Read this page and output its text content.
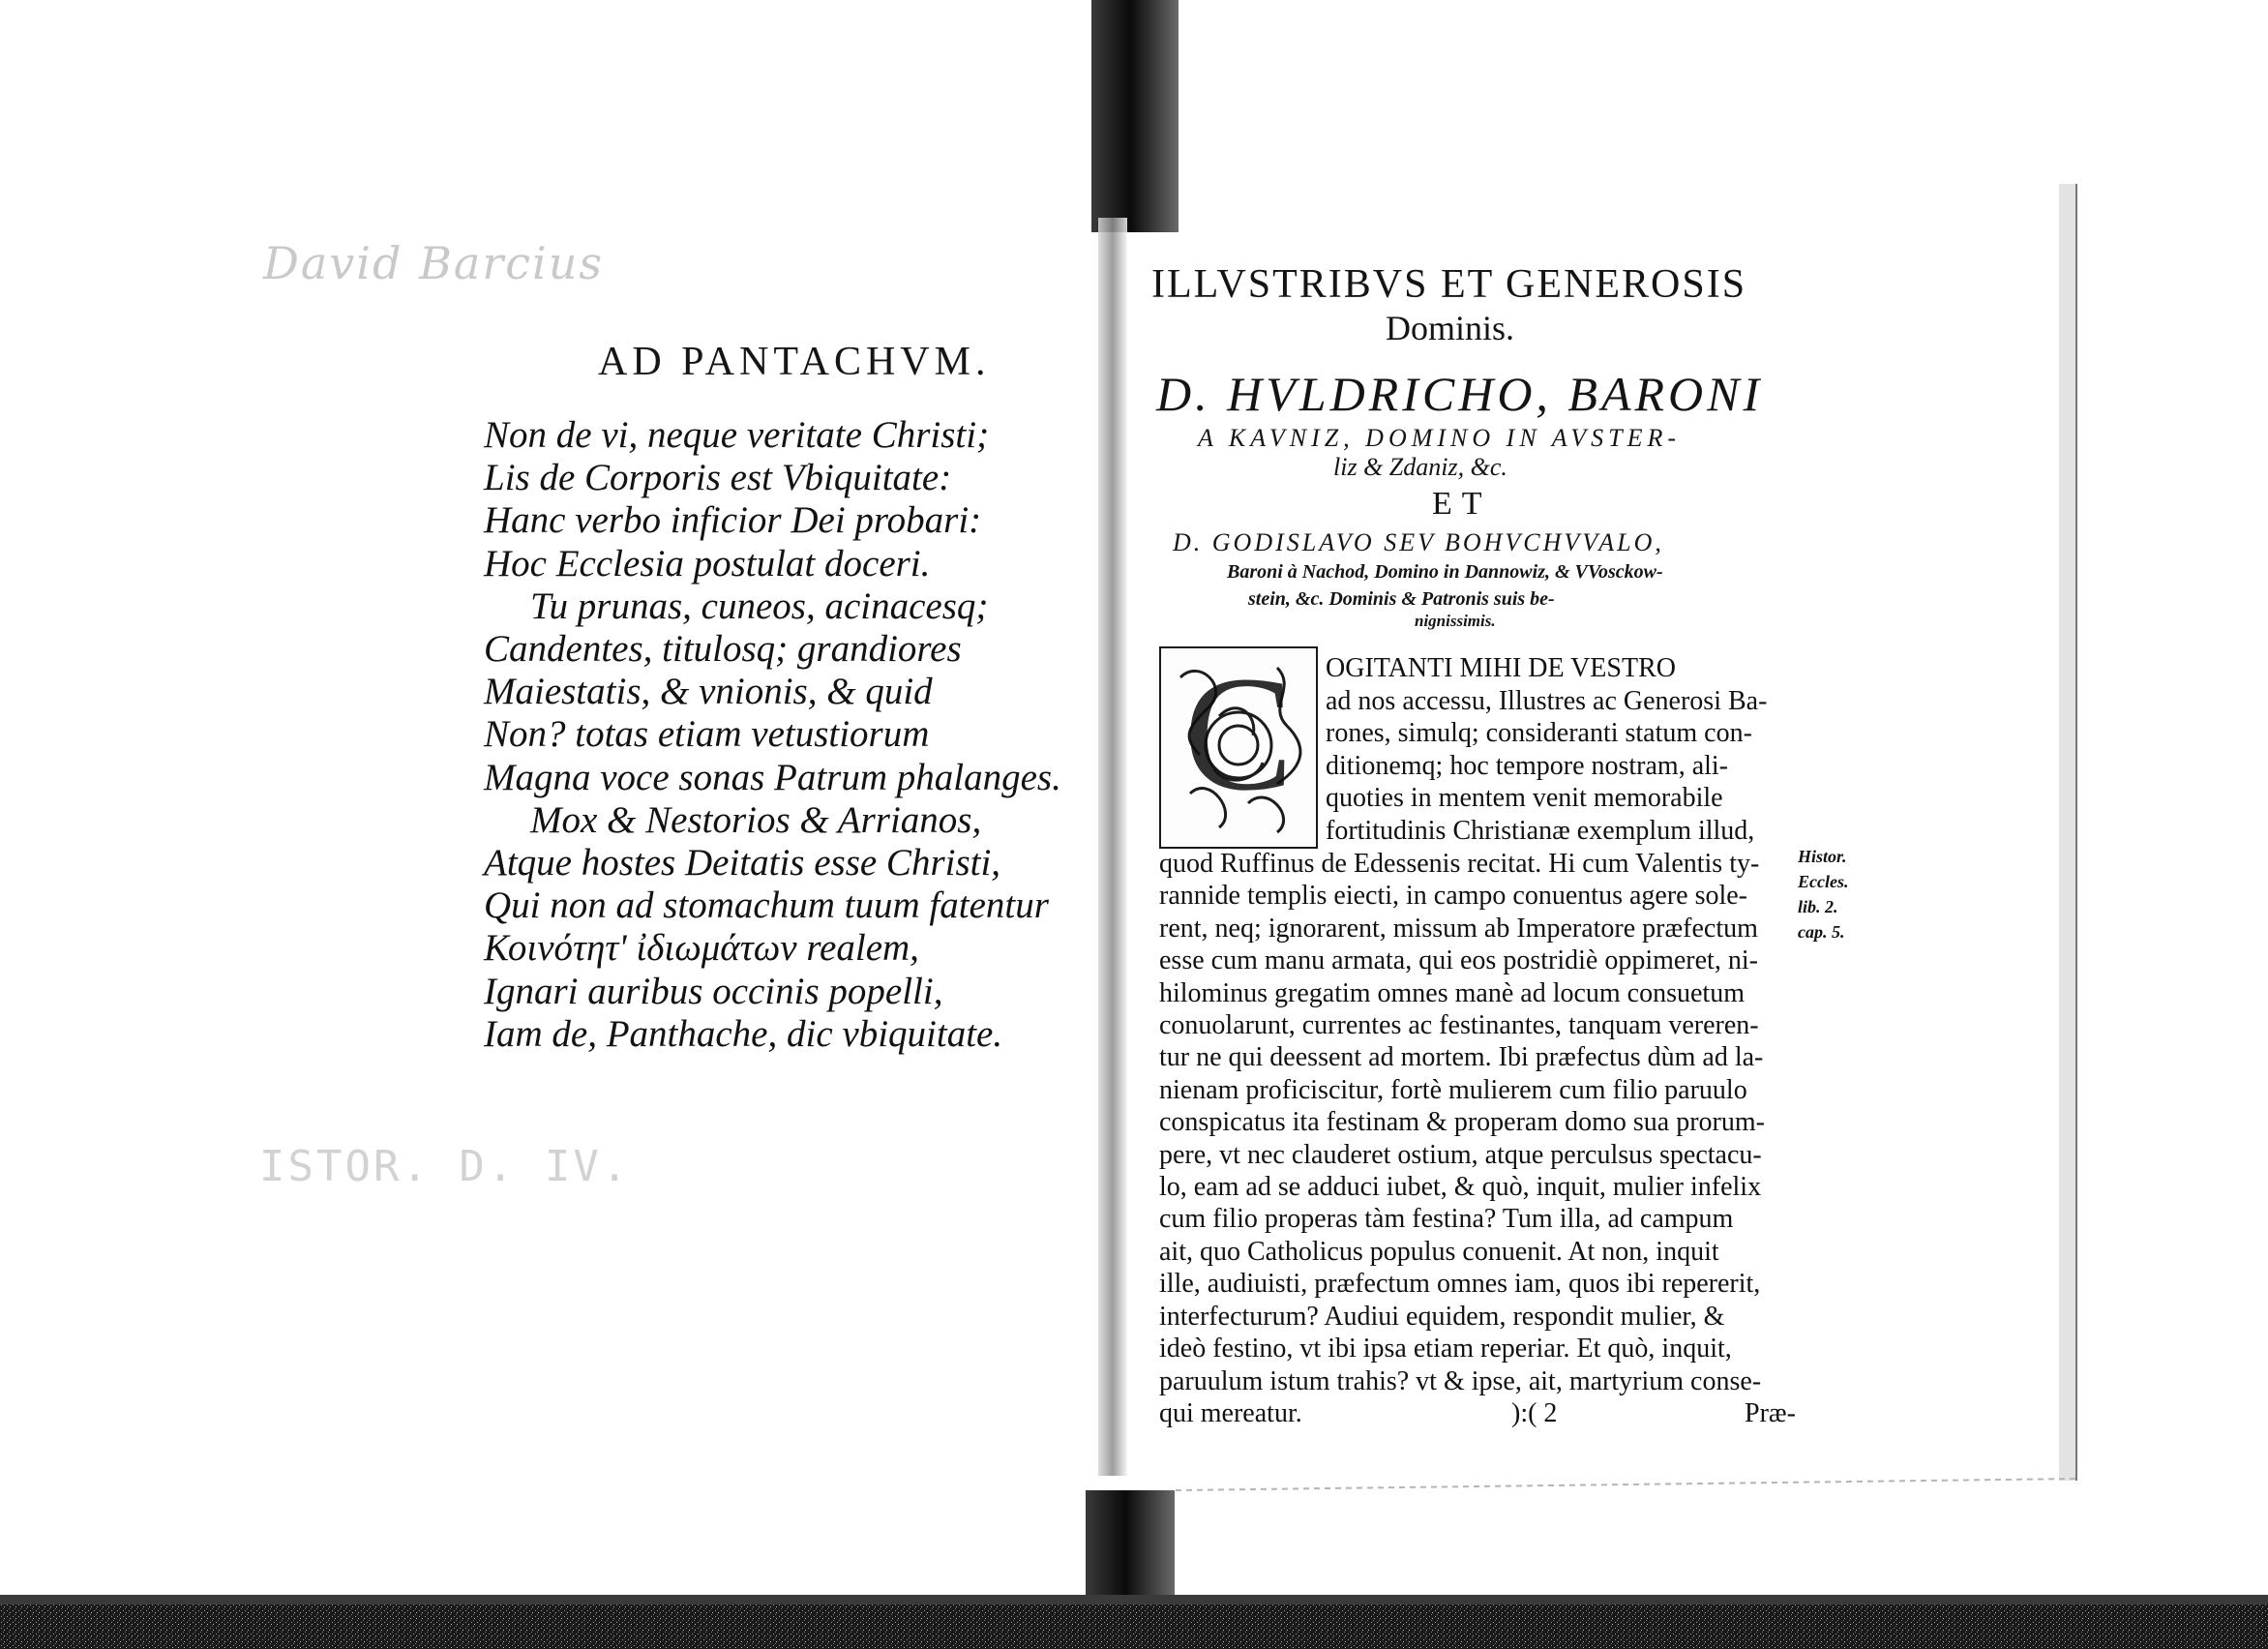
David Barcius
AD PANTACHVM.
Non de vi, neque veritate Christi;
Lis de Corporis est Vbiquitate:
Hanc verbo inficior Dei probari:
Hoc Ecclesia postulat doceri.
Tu prunas, cuneos, acinacesq;
Candentes, titulosq; grandiores
Maiestatis, & vnionis, & quid
Non? totas etiam vetustiorum
Magna voce sonas Patrum phalanges.
Mox & Nestorios & Arrianos,
Atque hostes Deitatis esse Christi,
Qui non ad stomachum tuum fatentur
Κοινότητ' ἰδιωμάτων realem,
Ignari auribus occinis popelli,
Iam de, Panthache, dic vbiquitate.
ISTOR. D. IV.
ILLVSTRIBVS ET GENEROSIS
Dominis.
D. HVLDRICHO, BARONI
A KAVNIZ, DOMINO IN AVSTER-
liz & Zdaniz, &c.
ET
D. GODISLAVO SEV BOHVCHVVALO,
Baroni à Nachod, Domino in Dannowiz, & VVosckow-
stein, &c. Dominis & Patronis suis be-
nignissimis.
C OGITANTI MIHI DE VESTRO
ad nos accessu, Illustres ac Generosi Ba-
rones, simulq; consideranti statum con-
ditionemq; hoc tempore nostram, ali-
quoties in mentem venit memorabile
fortitudinis Christianæ exemplum illud,
quod Ruffinus de Edessenis recitat. Hi cum Valentis ty-
rannide templis eiecti, in campo conuentus agere sole-
rent, neq; ignorarent, missum ab Imperatore præfectum
esse cum manu armata, qui eos postridiè oppimeret, ni-
hilominus gregatim omnes manè ad locum consuetum
conuolarunt, currentes ac festinantes, tanquam vereren-
tur ne qui deessent ad mortem. Ibi præfectus dùm ad la-
nienam proficiscitur, fortè mulierem cum filio paruulo
conspicatus ita festinam & properam domo sua prorum-
pere, vt nec clauderet ostium, atque perculsus spectacu-
lo, eam ad se adduci iubet, & quò, inquit, mulier infelix
cum filio properas tàm festina? Tum illa, ad campum
ait, quo Catholicus populus conuenit. At non, inquit
ille, audiuisti, præfectum omnes iam, quos ibi repererit,
interfecturum? Audiui equidem, respondit mulier, &
ideò festino, vt ibi ipsa etiam reperiar. Et quò, inquit,
paruulum istum trahis? vt & ipse, ait, martyrium conse-
qui mereatur.	):( 2	Præ-
Histor.
Eccles.
lib. 2.
cap. 5.
